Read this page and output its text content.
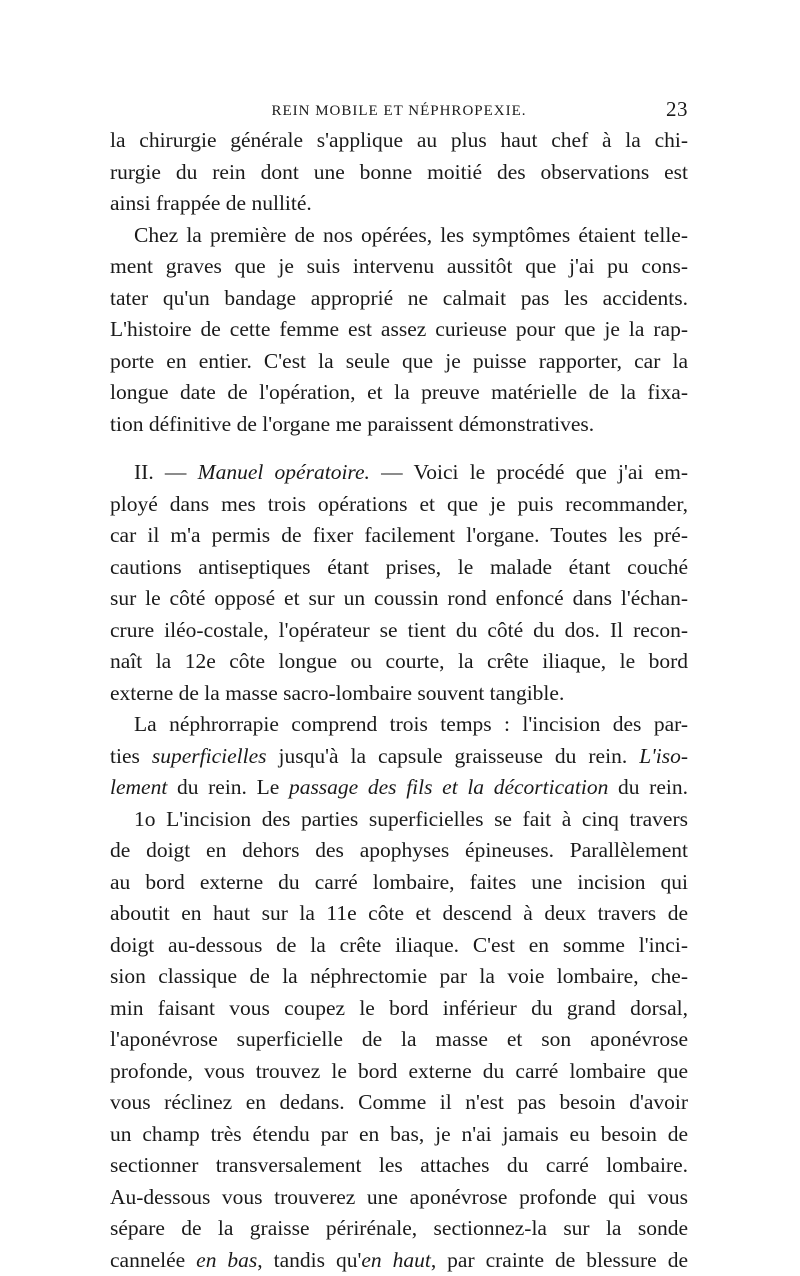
REIN MOBILE ET NÉPHROPEXIE.	23
la chirurgie générale s'applique au plus haut chef à la chi-
rurgie du rein dont une bonne moitié des observations est
ainsi frappée de nullité.
Chez la première de nos opérées, les symptômes étaient telle-
ment graves que je suis intervenu aussitôt que j'ai pu cons-
tater qu'un bandage approprié ne calmait pas les accidents.
L'histoire de cette femme est assez curieuse pour que je la rap-
porte en entier. C'est la seule que je puisse rapporter, car la
longue date de l'opération, et la preuve matérielle de la fixa-
tion définitive de l'organe me paraissent démonstratives.
II. — Manuel opératoire. — Voici le procédé que j'ai em-
ployé dans mes trois opérations et que je puis recommander,
car il m'a permis de fixer facilement l'organe. Toutes les pré-
cautions antiseptiques étant prises, le malade étant couché
sur le côté opposé et sur un coussin rond enfoncé dans l'échan-
crure iléo-costale, l'opérateur se tient du côté du dos. Il recon-
naît la 12e côte longue ou courte, la crête iliaque, le bord
externe de la masse sacro-lombaire souvent tangible.
La néphrorrapie comprend trois temps : l'incision des par-
ties superficielles jusqu'à la capsule graisseuse du rein. L'iso-
lement du rein. Le passage des fils et la décortication du rein.
1o L'incision des parties superficielles se fait à cinq travers
de doigt en dehors des apophyses épineuses. Parallèlement
au bord externe du carré lombaire, faites une incision qui
aboutit en haut sur la 11e côte et descend à deux travers de
doigt au-dessous de la crête iliaque. C'est en somme l'inci-
sion classique de la néphrectomie par la voie lombaire, che-
min faisant vous coupez le bord inférieur du grand dorsal,
l'aponévrose superficielle de la masse et son aponévrose
profonde, vous trouvez le bord externe du carré lombaire que
vous réclinez en dedans. Comme il n'est pas besoin d'avoir
un champ très étendu par en bas, je n'ai jamais eu besoin de
sectionner transversalement les attaches du carré lombaire.
Au-dessous vous trouverez une aponévrose profonde qui vous
sépare de la graisse périrénale, sectionnez-la sur la sonde
cannelée en bas, tandis qu'en haut, par crainte de blessure de
